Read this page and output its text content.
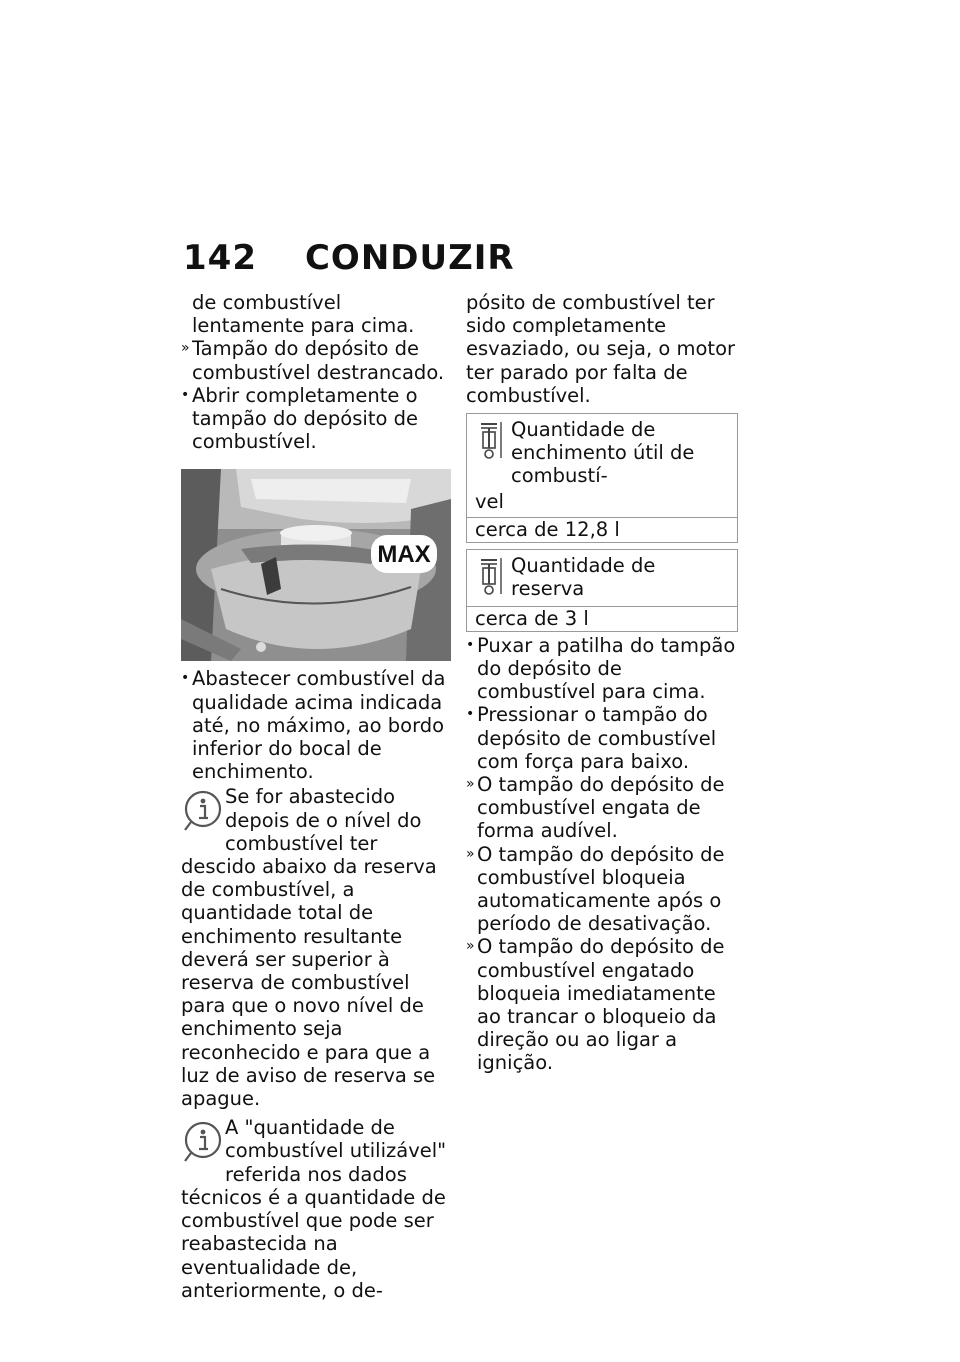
142 CONDUZIR
de combustível lentamente para cima.
» Tampão do depósito de combustível destrancado.
• Abrir completamente o tampão do depósito de combustível.
MAX
• Abastecer combustível da qualidade acima indicada até, no máximo, ao bordo inferior do bocal de enchimento.
Se for abastecido depois de o nível do combustível ter descido abaixo da reserva de combustível, a quantidade total de enchimento resultante deverá ser superior à reserva de combustível para que o novo nível de enchimento seja reconhecido e para que a luz de aviso de reserva se apague.
A "quantidade de combustível utilizável" referida nos dados técnicos é a quantidade de combustível que pode ser reabastecida na eventualidade de, anteriormente, o de-
pósito de combustível ter sido completamente esvaziado, ou seja, o motor ter parado por falta de combustível.
Quantidade de enchimento útil de combustí-
vel
cerca de 12,8 l
Quantidade de reserva
cerca de 3 l
• Puxar a patilha do tampão do depósito de combustível para cima.
• Pressionar o tampão do depósito de combustível com força para baixo.
» O tampão do depósito de combustível engata de forma audível.
» O tampão do depósito de combustível bloqueia automaticamente após o período de desativação.
» O tampão do depósito de combustível engatado bloqueia imediatamente ao trancar o bloqueio da direção ou ao ligar a ignição.
